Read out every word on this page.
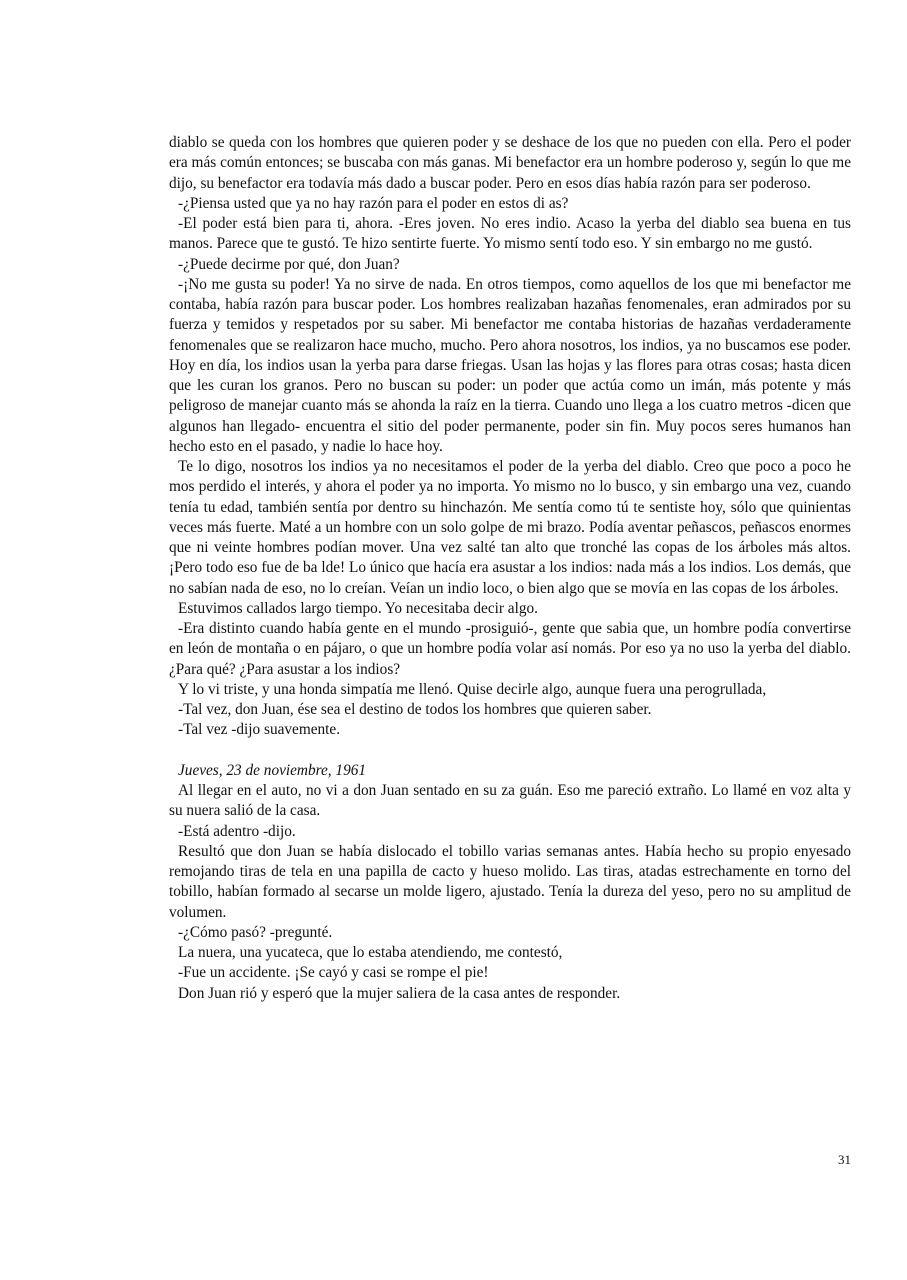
diablo se queda con los hombres que quieren poder y se deshace de los que no pueden con ella. Pero el poder era más común entonces; se buscaba con más ganas. Mi benefactor era un hombre poderoso y, según lo que me dijo, su benefactor era todavía más dado a buscar poder. Pero en esos días había razón para ser poderoso.

-¿Piensa usted que ya no hay razón para el poder en estos di as?

-El poder está bien para ti, ahora. -Eres joven. No eres indio. Acaso la yerba del diablo sea buena en tus manos. Parece que te gustó. Te hizo sentirte fuerte. Yo mismo sentí todo eso. Y sin embargo no me gustó.

-¿Puede decirme por qué, don Juan?

-¡No me gusta su poder! Ya no sirve de nada. En otros tiempos, como aquellos de los que mi benefactor me contaba, había razón para buscar poder. Los hombres realizaban hazañas fenomenales, eran admirados por su fuerza y temidos y respetados por su saber. Mi benefactor me contaba historias de hazañas verdaderamente fenomenales que se realizaron hace mucho, mucho. Pero ahora nosotros, los indios, ya no buscamos ese poder. Hoy en día, los indios usan la yerba para darse friegas. Usan las hojas y las flores para otras cosas; hasta dicen que les curan los granos. Pero no buscan su poder: un poder que actúa como un imán, más potente y más peligroso de manejar cuanto más se ahonda la raíz en la tierra. Cuando uno llega a los cuatro metros -dicen que algunos han llegado- encuentra el sitio del poder permanente, poder sin fin. Muy pocos seres humanos han hecho esto en el pasado, y nadie lo hace hoy.

Te lo digo, nosotros los indios ya no necesitamos el poder de la yerba del diablo. Creo que poco a poco he mos perdido el interés, y ahora el poder ya no importa. Yo mismo no lo busco, y sin embargo una vez, cuando tenía tu edad, también sentía por dentro su hinchazón. Me sentía como tú te sentiste hoy, sólo que quinientas veces más fuerte. Maté a un hombre con un solo golpe de mi brazo. Podía aventar peñascos, peñascos enormes que ni veinte hombres podían mover. Una vez salté tan alto que tronché las copas de los árboles más altos. ¡Pero todo eso fue de ba lde! Lo único que hacía era asustar a los indios: nada más a los indios. Los demás, que no sabían nada de eso, no lo creían. Veían un indio loco, o bien algo que se movía en las copas de los árboles.

Estuvimos callados largo tiempo. Yo necesitaba decir algo.

-Era distinto cuando había gente en el mundo -prosiguió-, gente que sabia que, un hombre podía convertirse en león de montaña o en pájaro, o que un hombre podía volar así nomás. Por eso ya no uso la yerba del diablo. ¿Para qué? ¿Para asustar a los indios?

Y lo vi triste, y una honda simpatía me llenó. Quise decirle algo, aunque fuera una perogrullada,

-Tal vez, don Juan, ése sea el destino de todos los hombres que quieren saber.

-Tal vez -dijo suavemente.

Jueves, 23 de noviembre, 1961

Al llegar en el auto, no vi a don Juan sentado en su za guán. Eso me pareció extraño. Lo llamé en voz alta y su nuera salió de la casa.

-Está adentro -dijo.

Resultó que don Juan se había dislocado el tobillo varias semanas antes. Había hecho su propio enyesado remojando tiras de tela en una papilla de cacto y hueso molido. Las tiras, atadas estrechamente en torno del tobillo, habían formado al secarse un molde ligero, ajustado. Tenía la dureza del yeso, pero no su amplitud de volumen.

-¿Cómo pasó? -pregunté.

La nuera, una yucateca, que lo estaba atendiendo, me contestó,

-Fue un accidente. ¡Se cayó y casi se rompe el pie!

Don Juan rió y esperó que la mujer saliera de la casa antes de responder.

31
